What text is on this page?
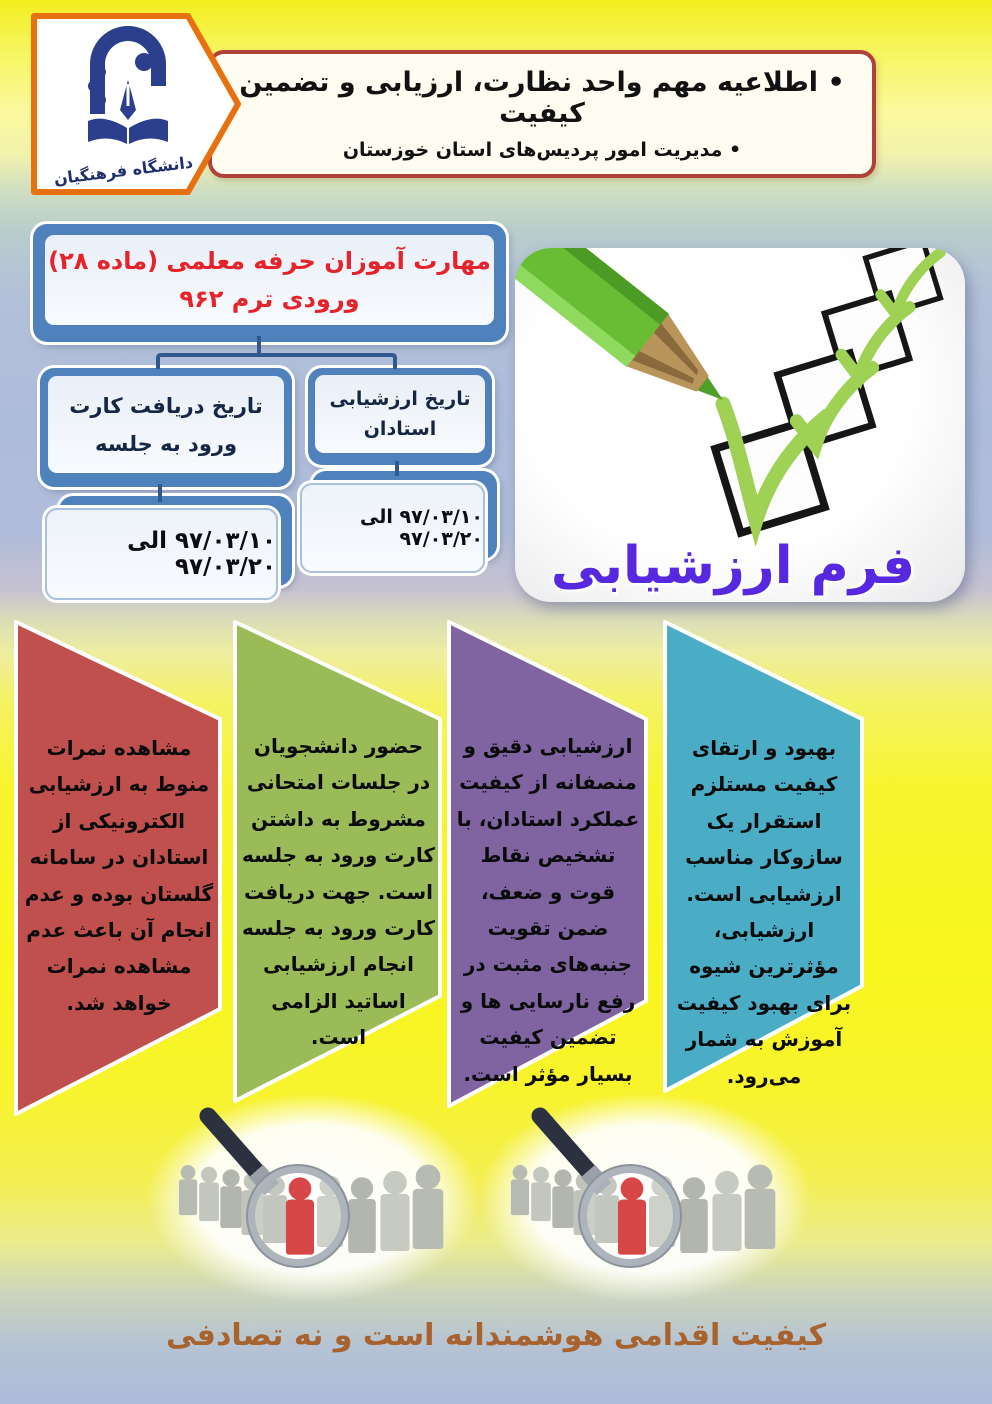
• اطلاعیه مهم واحد نظارت، ارزیابی و تضمین کیفیت
• مدیریت امور پردیس‌های استان خوزستان
دانشگاه فرهنگیان
مهارت آموزان حرفه معلمی (ماده ۲۸)
ورودی ترم ۹۶۲
تاریخ دریافت کارت
ورود به جلسه
تاریخ ارزشیابی
استادان
۹۷/۰۳/۱۰ الی ۹۷/۰۳/۲۰
۹۷/۰۳/۱۰ الی ۹۷/۰۳/۲۰	فرم ارزشیابی
مشاهده نمرات منوط به ارزشیابی الکترونیکی از استادان در سامانه گلستان بوده و عدم انجام آن باعث عدم مشاهده نمرات خواهد شد.
حضور دانشجویان در جلسات امتحانی مشروط به داشتن کارت ورود به جلسه است. جهت دریافت کارت ورود به جلسه انجام ارزشیابی اساتید الزامی است.
ارزشیابی دقیق و منصفانه از کیفیت عملکرد استادان، با تشخیص نقاط قوت و ضعف، ضمن تقویت جنبه‌های مثبت در رفع نارسایی ها و تضمین کیفیت بسیار مؤثر است.
بهبود و ارتقای کیفیت مستلزم استقرار یک سازوکار مناسب ارزشیابی است. ارزشیابی، مؤثرترین شیوه برای بهبود کیفیت آموزش به شمار می‌رود.
کیفیت اقدامی هوشمندانه است و نه تصادفی
